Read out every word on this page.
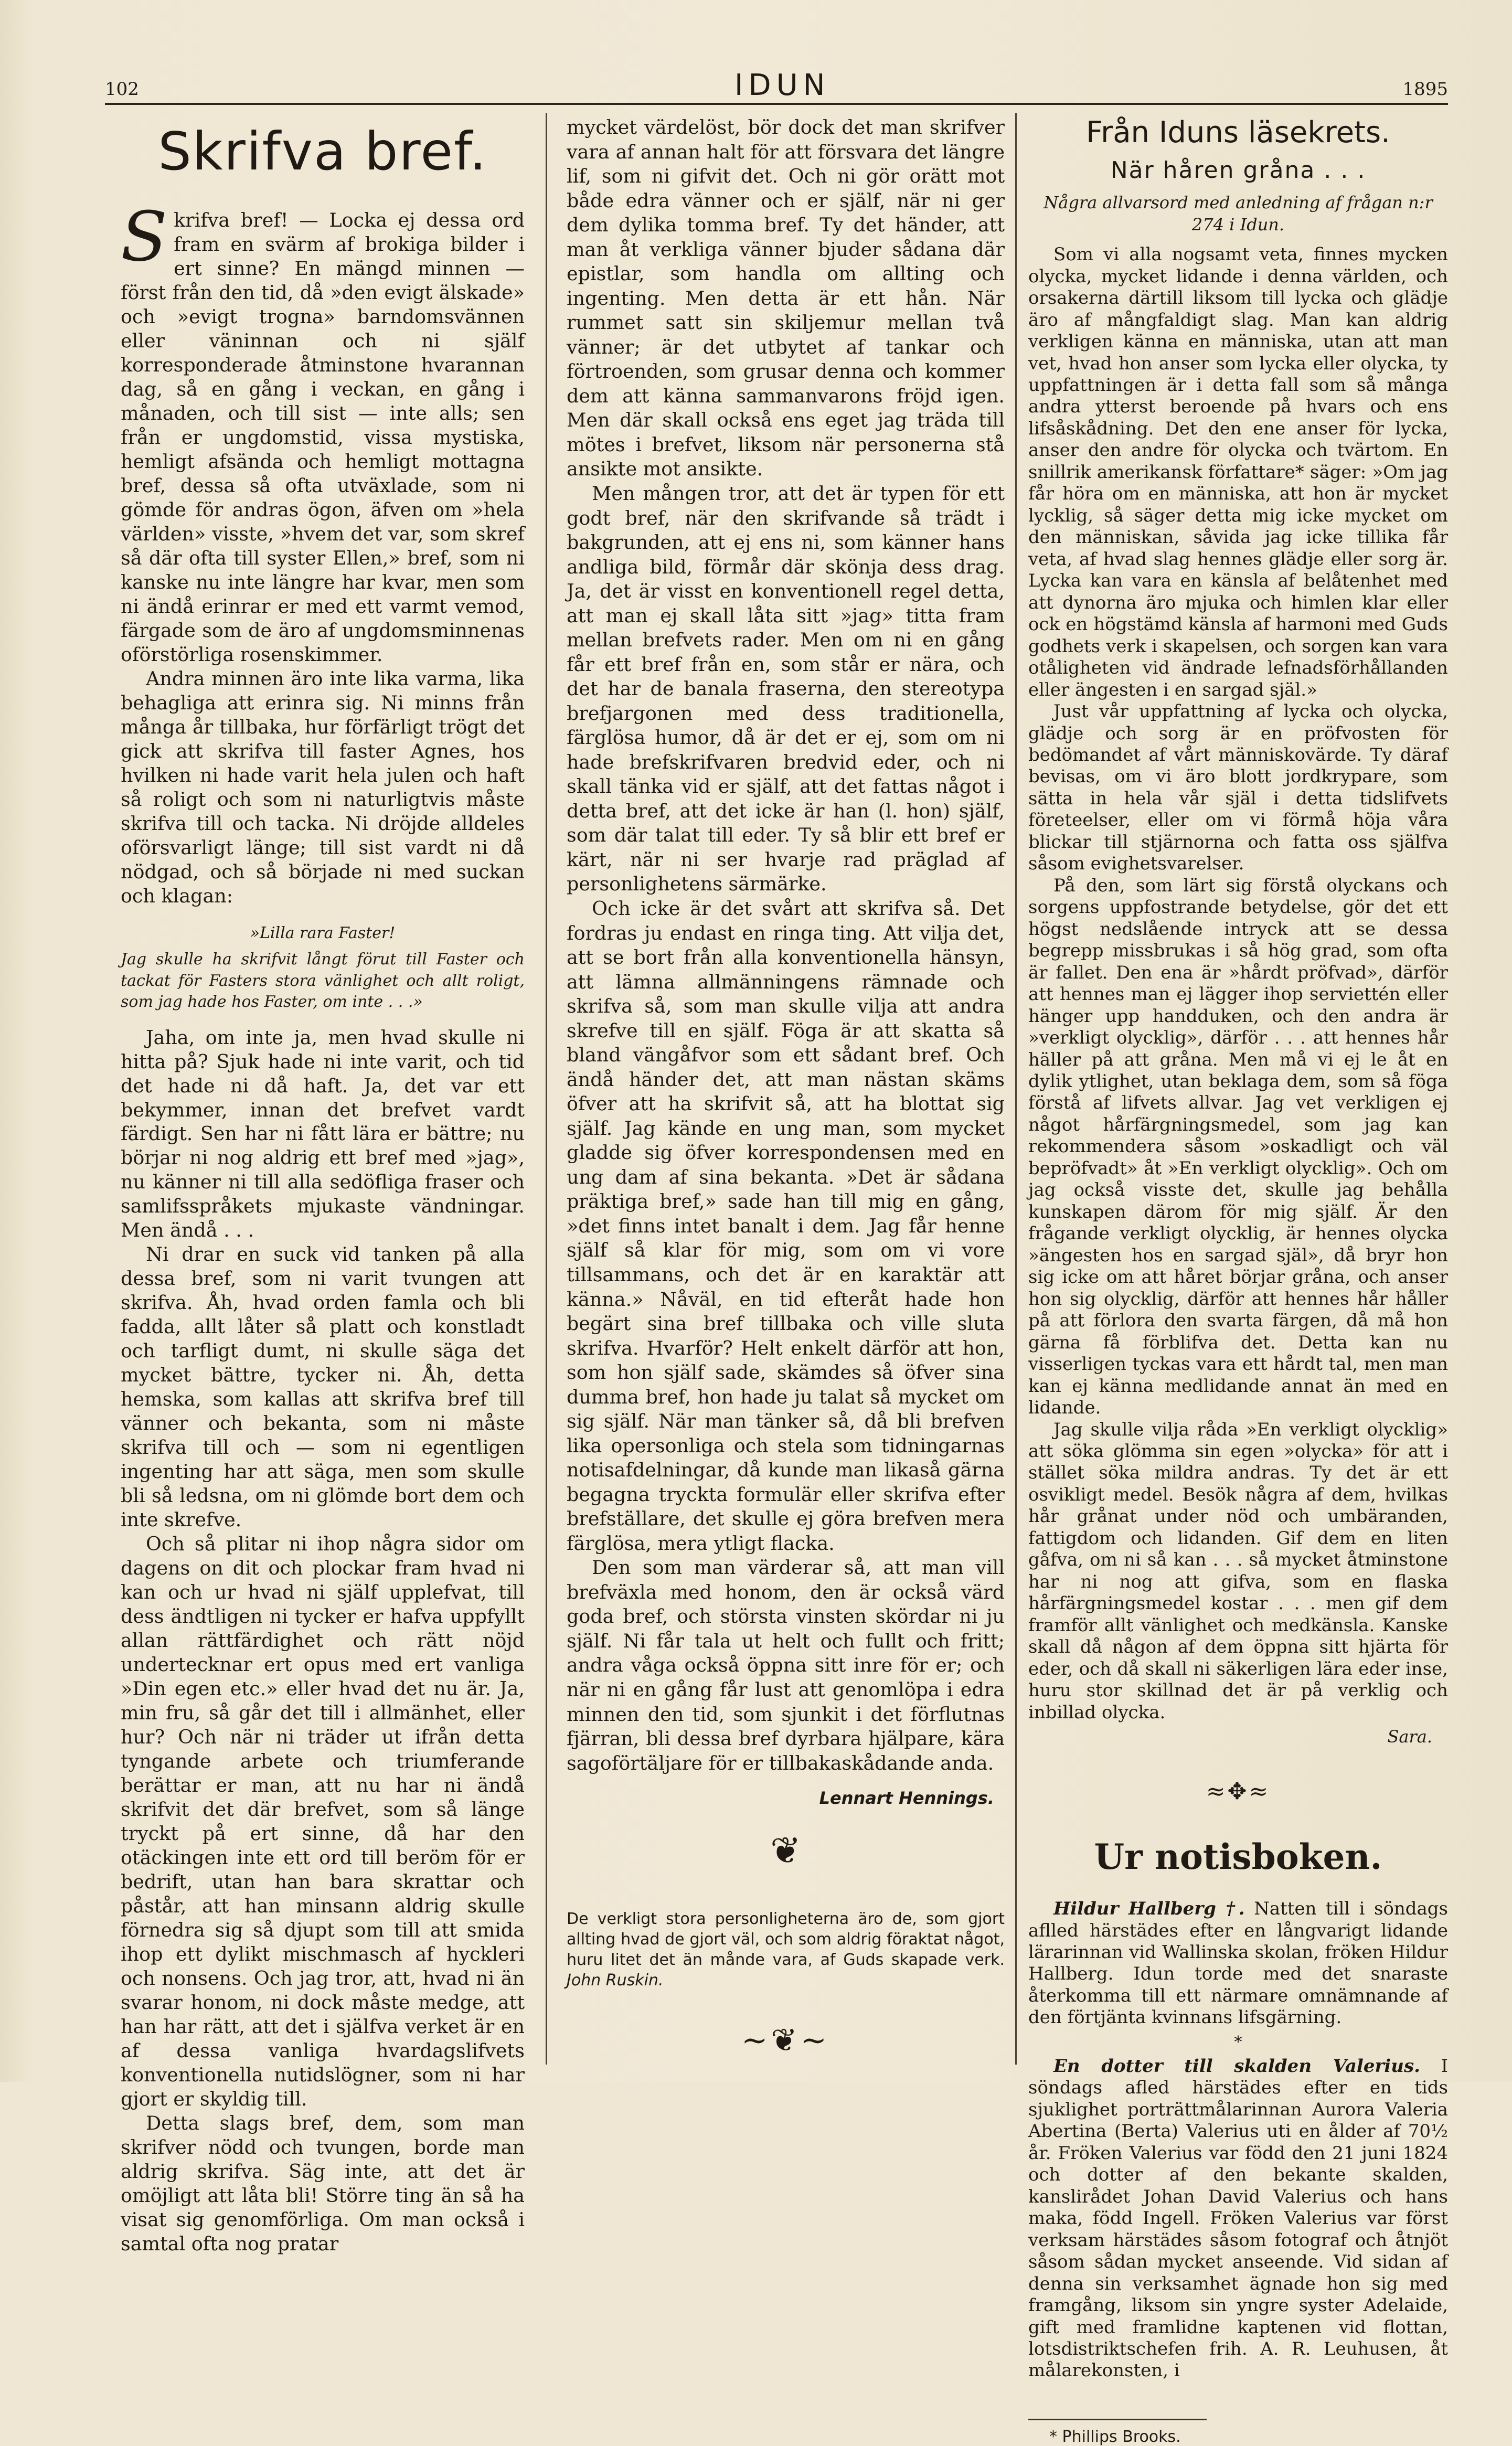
102	IDUN	1895
Skrifva bref.

Skrifva bref! — Locka ej dessa ord fram en svärm af brokiga bilder i ert sinne? En mängd minnen — först från den tid, då »den evigt älskade» och »evigt trogna» barndomsvännen eller väninnan och ni själf korresponderade åtminstone hvarannan dag, så en gång i veckan, en gång i månaden, och till sist — inte alls; sen från er ungdomstid, vissa mystiska, hemligt afsända och hemligt mottagna bref, dessa så ofta utväxlade, som ni gömde för andras ögon, äfven om »hela världen» visste, »hvem det var, som skref så där ofta till syster Ellen,» bref, som ni kanske nu inte längre har kvar, men som ni ändå erinrar er med ett varmt vemod, färgade som de äro af ungdomsminnenas oförstörliga rosenskimmer.

Andra minnen äro inte lika varma, lika behagliga att erinra sig. Ni minns från många år tillbaka, hur förfärligt trögt det gick att skrifva till faster Agnes, hos hvilken ni hade varit hela julen och haft så roligt och som ni naturligtvis måste skrifva till och tacka. Ni dröjde alldeles oförsvarligt länge; till sist vardt ni då nödgad, och så började ni med suckan och klagan:

»Lilla rara Faster!
Jag skulle ha skrifvit långt förut till Faster och tackat för Fasters stora vänlighet och allt roligt, som jag hade hos Faster, om inte . . .»

Jaha, om inte ja, men hvad skulle ni hitta på? Sjuk hade ni inte varit, och tid det hade ni då haft. Ja, det var ett bekymmer, innan det brefvet vardt färdigt. Sen har ni fått lära er bättre; nu börjar ni nog aldrig ett bref med »jag», nu känner ni till alla sedöfliga fraser och samlifsspråkets mjukaste vändningar. Men ändå . . .

Ni drar en suck vid tanken på alla dessa bref, som ni varit tvungen att skrifva. Åh, hvad orden famla och bli fadda, allt låter så platt och konstladt och tarfligt dumt, ni skulle säga det mycket bättre, tycker ni. Åh, detta hemska, som kallas att skrifva bref till vänner och bekanta, som ni måste skrifva till och — som ni egentligen ingenting har att säga, men som skulle bli så ledsna, om ni glömde bort dem och inte skrefve.

Och så plitar ni ihop några sidor om dagens on dit och plockar fram hvad ni kan och ur hvad ni själf upplefvat, till dess ändtligen ni tycker er hafva uppfyllt allan rättfärdighet och rätt nöjd undertecknar ert opus med ert vanliga »Din egen etc.» eller hvad det nu är. Ja, min fru, så går det till i allmänhet, eller hur? Och när ni träder ut ifrån detta tyngande arbete och triumferande berättar er man, att nu har ni ändå skrifvit det där brefvet, som så länge tryckt på ert sinne, då har den otäckingen inte ett ord till beröm för er bedrift, utan han bara skrattar och påstår, att han minsann aldrig skulle förnedra sig så djupt som till att smida ihop ett dylikt mischmasch af hyckleri och nonsens. Och jag tror, att, hvad ni än svarar honom, ni dock måste medge, att han har rätt, att det i själfva verket är en af dessa vanliga hvardagslifvets konventionella nutidslögner, som ni har gjort er skyldig till.

Detta slags bref, dem, som man skrifver nödd och tvungen, borde man aldrig skrifva. Säg inte, att det är omöjligt att låta bli! Större ting än så ha visat sig genomförliga. Om man också i samtal ofta nog pratar

mycket värdelöst, bör dock det man skrifver vara af annan halt för att försvara det längre lif, som ni gifvit det. Och ni gör orätt mot både edra vänner och er själf, när ni ger dem dylika tomma bref. Ty det händer, att man åt verkliga vänner bjuder sådana där epistlar, som handla om allting och ingenting. Men detta är ett hån. När rummet satt sin skiljemur mellan två vänner; är det utbytet af tankar och förtroenden, som grusar denna och kommer dem att känna sammanvarons fröjd igen. Men där skall också ens eget jag träda till mötes i brefvet, liksom när personerna stå ansikte mot ansikte.

Men mången tror, att det är typen för ett godt bref, när den skrifvande så trädt i bakgrunden, att ej ens ni, som känner hans andliga bild, förmår där skönja dess drag. Ja, det är visst en konventionell regel detta, att man ej skall låta sitt »jag» titta fram mellan brefvets rader. Men om ni en gång får ett bref från en, som står er nära, och det har de banala fraserna, den stereotypa brefjargonen med dess traditionella, färglösa humor, då är det er ej, som om ni hade brefskrifvaren bredvid eder, och ni skall tänka vid er själf, att det fattas något i detta bref, att det icke är han (l. hon) själf, som där talat till eder. Ty så blir ett bref er kärt, när ni ser hvarje rad präglad af personlighetens särmärke.

Och icke är det svårt att skrifva så. Det fordras ju endast en ringa ting. Att vilja det, att se bort från alla konventionella hänsyn, att lämna allmänningens rämnade och skrifva så, som man skulle vilja att andra skrefve till en själf. Föga är att skatta så bland vängåfvor som ett sådant bref. Och ändå händer det, att man nästan skäms öfver att ha skrifvit så, att ha blottat sig själf. Jag kände en ung man, som mycket gladde sig öfver korrespondensen med en ung dam af sina bekanta. »Det är sådana präktiga bref,» sade han till mig en gång, »det finns intet banalt i dem. Jag får henne själf så klar för mig, som om vi vore tillsammans, och det är en karaktär att känna.» Nåväl, en tid efteråt hade hon begärt sina bref tillbaka och ville sluta skrifva. Hvarför? Helt enkelt därför att hon, som hon själf sade, skämdes så öfver sina dumma bref, hon hade ju talat så mycket om sig själf. När man tänker så, då bli brefven lika opersonliga och stela som tidningarnas notisafdelningar, då kunde man likaså gärna begagna tryckta formulär eller skrifva efter brefställare, det skulle ej göra brefven mera färglösa, mera ytligt flacka.

Den som man värderar så, att man vill brefväxla med honom, den är också värd goda bref, och största vinsten skördar ni ju själf. Ni får tala ut helt och fullt och fritt; andra våga också öppna sitt inre för er; och när ni en gång får lust att genomlöpa i edra minnen den tid, som sjunkit i det förflutnas fjärran, bli dessa bref dyrbara hjälpare, kära sagoförtäljare för er tillbakaskådande anda.

Lennart Hennings.
❦
De verkligt stora personligheterna äro de, som gjort allting hvad de gjort väl, och som aldrig föraktat något, huru litet det än månde vara, af Guds skapade verk. John Ruskin.
~❦~
Från Iduns läsekrets.
När håren gråna . . .
Några allvarsord med anledning af frågan n:r 274 i Idun.

Som vi alla nogsamt veta, finnes mycken olycka, mycket lidande i denna världen, och orsakerna därtill liksom till lycka och glädje äro af mångfaldigt slag. Man kan aldrig verkligen känna en människa, utan att man vet, hvad hon anser som lycka eller olycka, ty uppfattningen är i detta fall som så många andra ytterst beroende på hvars och ens lifsåskådning. Det den ene anser för lycka, anser den andre för olycka och tvärtom. En snillrik amerikansk författare* säger: »Om jag får höra om en människa, att hon är mycket lycklig, så säger detta mig icke mycket om den människan, såvida jag icke tillika får veta, af hvad slag hennes glädje eller sorg är. Lycka kan vara en känsla af belåtenhet med att dynorna äro mjuka och himlen klar eller ock en högstämd känsla af harmoni med Guds godhets verk i skapelsen, och sorgen kan vara otåligheten vid ändrade lefnadsförhållanden eller ängesten i en sargad själ.»

Just vår uppfattning af lycka och olycka, glädje och sorg är en pröfvosten för bedömandet af vårt människovärde. Ty däraf bevisas, om vi äro blott jordkrypare, som sätta in hela vår själ i detta tidslifvets företeelser, eller om vi förmå höja våra blickar till stjärnorna och fatta oss själfva såsom evighetsvarelser.

På den, som lärt sig förstå olyckans och sorgens uppfostrande betydelse, gör det ett högst nedslående intryck att se dessa begrepp missbrukas i så hög grad, som ofta är fallet. Den ena är »hårdt pröfvad», därför att hennes man ej lägger ihop serviettén eller hänger upp handduken, och den andra är »verkligt olycklig», därför . . . att hennes hår häller på att gråna. Men må vi ej le åt en dylik ytlighet, utan beklaga dem, som så föga förstå af lifvets allvar. Jag vet verkligen ej något hårfärgningsmedel, som jag kan rekommendera såsom »oskadligt och väl bepröfvadt» åt »En verkligt olycklig». Och om jag också visste det, skulle jag behålla kunskapen därom för mig själf. Är den frågande verkligt olycklig, är hennes olycka »ängesten hos en sargad själ», då bryr hon sig icke om att håret börjar gråna, och anser hon sig olycklig, därför att hennes hår håller på att förlora den svarta färgen, då må hon gärna få förblifva det. Detta kan nu visserligen tyckas vara ett hårdt tal, men man kan ej känna medlidande annat än med en lidande.

Jag skulle vilja råda »En verkligt olycklig» att söka glömma sin egen »olycka» för att i stället söka mildra andras. Ty det är ett osvikligt medel. Besök några af dem, hvilkas hår grånat under nöd och umbäranden, fattigdom och lidanden. Gif dem en liten gåfva, om ni så kan . . . så mycket åtminstone har ni nog att gifva, som en flaska hårfärgningsmedel kostar . . . men gif dem framför allt vänlighet och medkänsla. Kanske skall då någon af dem öppna sitt hjärta för eder, och då skall ni säkerligen lära eder inse, huru stor skillnad det är på verklig och inbillad olycka.

Sara.
≈✥≈
Ur notisboken.

Hildur Hallberg †. Natten till i söndags aflled härstädes efter en långvarigt lidande lärarinnan vid Wallinska skolan, fröken Hildur Hallberg. Idun torde med det snaraste återkomma till ett närmare omnämnande af den förtjänta kvinnans lifsgärning.

*

En dotter till skalden Valerius. I söndags afled härstädes efter en tids sjuklighet porträttmålarinnan Aurora Valeria Abertina (Berta) Valerius uti en ålder af 70½ år. Fröken Valerius var född den 21 juni 1824 och dotter af den bekante skalden, kanslirådet Johan David Valerius och hans maka, född Ingell. Fröken Valerius var först verksam härstädes såsom fotograf och åtnjöt såsom sådan mycket anseende. Vid sidan af denna sin verksamhet ägnade hon sig med framgång, liksom sin yngre syster Adelaide, gift med framlidne kaptenen vid flottan, lotsdistriktschefen frih. A. R. Leuhusen, åt målarekonsten, i

* Phillips Brooks.
